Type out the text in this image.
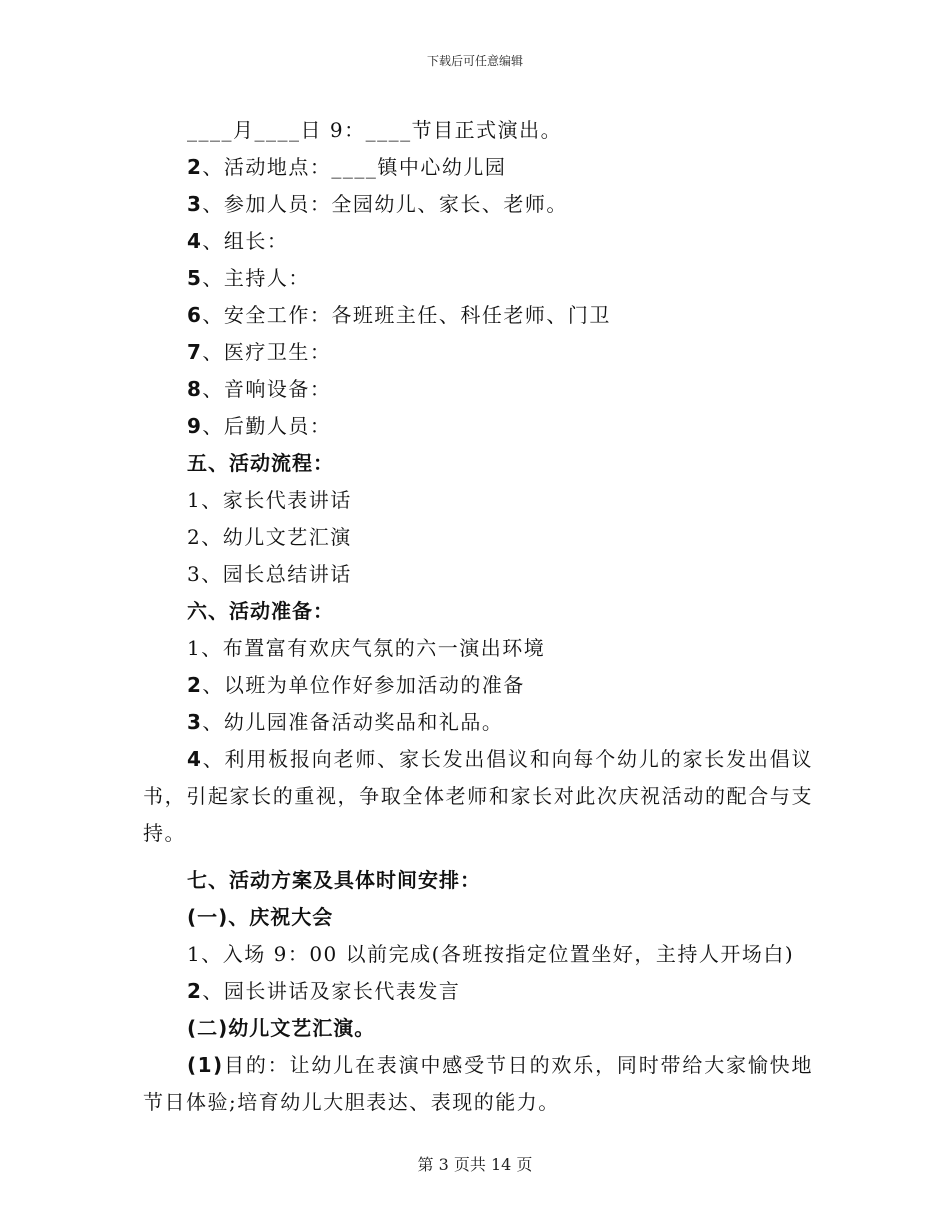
下载后可任意编辑
____月____日 9：____节目正式演出。
2、活动地点：____镇中心幼儿园
3、参加人员：全园幼儿、家长、老师。
4、组长：
5、主持人：
6、安全工作：各班班主任、科任老师、门卫
7、医疗卫生：
8、音响设备：
9、后勤人员：
五、活动流程：
1、家长代表讲话
2、幼儿文艺汇演
3、园长总结讲话
六、活动准备：
1、布置富有欢庆气氛的六一演出环境
2、以班为单位作好参加活动的准备
3、幼儿园准备活动奖品和礼品。
4、利用板报向老师、家长发出倡议和向每个幼儿的家长发出倡议书，引起家长的重视，争取全体老师和家长对此次庆祝活动的配合与支持。
七、活动方案及具体时间安排：
(一)、庆祝大会
1、入场 9：00 以前完成(各班按指定位置坐好，主持人开场白)
2、园长讲话及家长代表发言
(二)幼儿文艺汇演。
(1)目的：让幼儿在表演中感受节日的欢乐，同时带给大家愉快地节日体验;培育幼儿大胆表达、表现的能力。
第 3 页共 14 页
